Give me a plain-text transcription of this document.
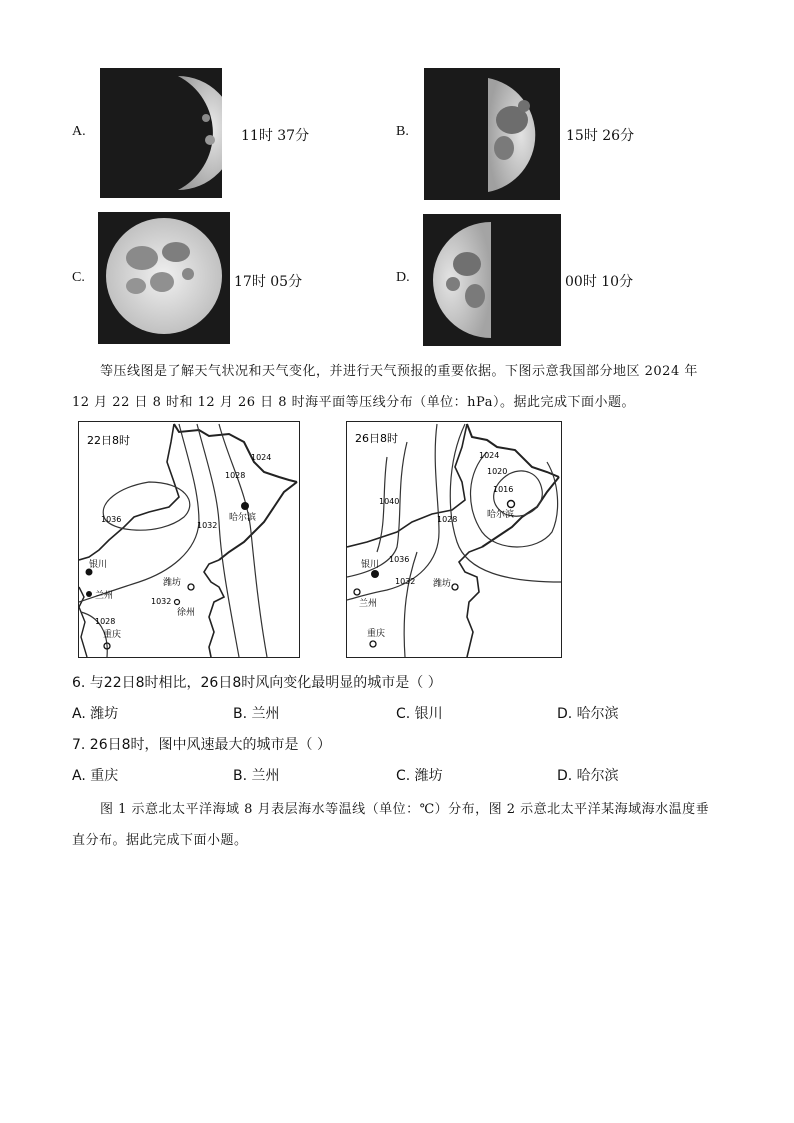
A.	11时 37分	B.	15时 26分
C.	17时 05分	D.	00时 10分
等压线图是了解天气状况和天气变化，并进行天气预报的重要依据。下图示意我国部分地区 2024 年
12 月 22 日 8 时和 12 月 26 日 8 时海平面等压线分布（单位：hPa）。据此完成下面小题。
22日8时
1024
1028
1036
1032
1032
1028
哈尔滨
银川
潍坊
徐州
兰州
重庆
26日8时
1024
1020
1016
1040
1028
1036
1032
哈尔滨
银川
潍坊
兰州
重庆
6. 与22日8时相比，26日8时风向变化最明显的城市是（ ）
A. 潍坊	B. 兰州	C. 银川	D. 哈尔滨
7. 26日8时，图中风速最大的城市是（ ）
A. 重庆	B. 兰州	C. 潍坊	D. 哈尔滨
图 1 示意北太平洋海域 8 月表层海水等温线（单位：℃）分布，图 2 示意北太平洋某海域海水温度垂
直分布。据此完成下面小题。
